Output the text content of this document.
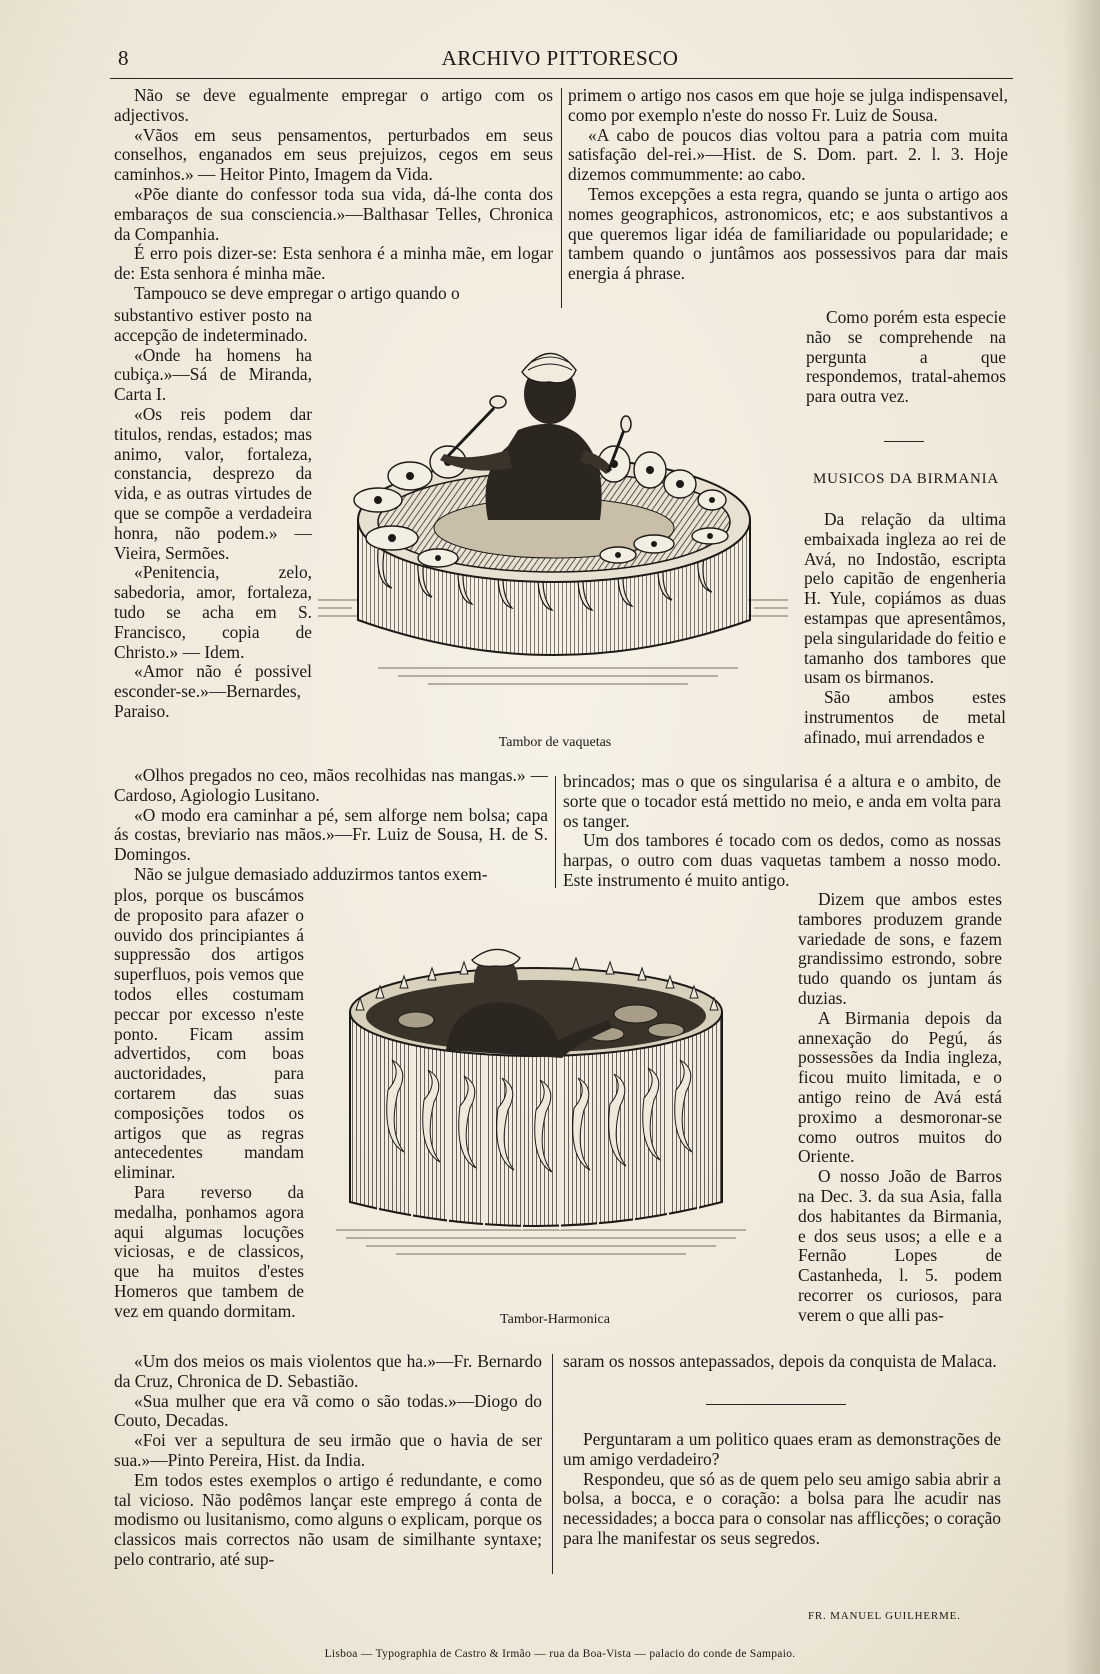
8	ARCHIVO PITTORESCO

Não se deve egualmente empregar o artigo com os adjectivos.

«Vãos em seus pensamentos, perturbados em seus conselhos, enganados em seus prejuizos, cegos em seus caminhos.» — Heitor Pinto, Imagem da Vida.

«Põe diante do confessor toda sua vida, dá-lhe conta dos embaraços de sua consciencia.»—Balthasar Telles, Chronica da Companhia.

É erro pois dizer-se: Esta senhora é a minha mãe, em logar de: Esta senhora é minha mãe.

Tampouco se deve empregar o artigo quando o

substantivo estiver posto na accepção de indeterminado.

«Onde ha homens ha cubiça.»—Sá de Miranda, Carta I.

«Os reis podem dar titulos, rendas, estados; mas animo, valor, fortaleza, constancia, desprezo da vida, e as outras virtudes de que se compõe a verdadeira honra, não podem.» — Vieira, Sermões.

«Penitencia, zelo, sabedoria, amor, fortaleza, tudo se acha em S. Francisco, copia de Christo.» — Idem.

«Amor não é possivel esconder-se.»—Bernardes, Paraiso.

«Olhos pregados no ceo, mãos recolhidas nas mangas.» — Cardoso, Agiologio Lusitano.

«O modo era caminhar a pé, sem alforge nem bolsa; capa ás costas, breviario nas mãos.»—Fr. Luiz de Sousa, H. de S. Domingos.

Não se julgue demasiado adduzirmos tantos exem-

plos, porque os buscámos de proposito para afazer o ouvido dos principiantes á suppressão dos artigos superfluos, pois vemos que todos elles costumam peccar por excesso n'este ponto. Ficam assim advertidos, com boas auctoridades, para cortarem das suas composições todos os artigos que as regras antecedentes mandam eliminar.

Para reverso da medalha, ponhamos agora aqui algumas locuções viciosas, e de classicos, que ha muitos d'estes Homeros que tambem de vez em quando dormitam.

«Um dos meios os mais violentos que ha.»—Fr. Bernardo da Cruz, Chronica de D. Sebastião.

«Sua mulher que era vã como o são todas.»—Diogo do Couto, Decadas.

«Foi ver a sepultura de seu irmão que o havia de ser sua.»—Pinto Pereira, Hist. da India.

Em todos estes exemplos o artigo é redundante, e como tal vicioso. Não podêmos lançar este emprego á conta de modismo ou lusitanismo, como alguns o explicam, porque os classicos mais correctos não usam de similhante syntaxe; pelo contrario, até sup-

primem o artigo nos casos em que hoje se julga indispensavel, como por exemplo n'este do nosso Fr. Luiz de Sousa.

«A cabo de poucos dias voltou para a patria com muita satisfação del-rei.»—Hist. de S. Dom. part. 2. l. 3. Hoje dizemos commummente: ao cabo.

Temos excepções a esta regra, quando se junta o artigo aos nomes geographicos, astronomicos, etc; e aos substantivos a que queremos ligar idéa de familiaridade ou popularidade; e tambem quando o juntâmos aos possessivos para dar mais energia á phrase.

Como porém esta especie não se comprehende na pergunta a que respondemos, tratal-ahemos para outra vez.

MUSICOS DA BIRMANIA

Da relação da ultima embaixada ingleza ao rei de Avá, no Indostão, escripta pelo capitão de engenheria H. Yule, copiámos as duas estampas que apresentâmos, pela singularidade do feitio e tamanho dos tambores que usam os birmanos.

São ambos estes instrumentos de metal afinado, mui arrendados e

brincados; mas o que os singularisa é a altura e o ambito, de sorte que o tocador está mettido no meio, e anda em volta para os tanger.

Um dos tambores é tocado com os dedos, como as nossas harpas, o outro com duas vaquetas tambem a nosso modo. Este instrumento é muito antigo.

Dizem que ambos estes tambores produzem grande variedade de sons, e fazem grandissimo estrondo, sobre tudo quando os juntam ás duzias.

A Birmania depois da annexação do Pegú, ás possessões da India ingleza, ficou muito limitada, e o antigo reino de Avá está proximo a desmoronar-se como outros muitos do Oriente.

O nosso João de Barros na Dec. 3. da sua Asia, falla dos habitantes da Birmania, e dos seus usos; a elle e a Fernão Lopes de Castanheda, l. 5. podem recorrer os curiosos, para verem o que alli pas-

saram os nossos antepassados, depois da conquista de Malaca.

Perguntaram a um politico quaes eram as demonstrações de um amigo verdadeiro?

Respondeu, que só as de quem pelo seu amigo sabia abrir a bolsa, a bocca, e o coração: a bolsa para lhe acudir nas necessidades; a bocca para o consolar nas afflicções; o coração para lhe manifestar os seus segredos.

FR. MANUEL GUILHERME.
Tambor de vaquetas
Tambor-Harmonica
Lisboa — Typographia de Castro & Irmão — rua da Boa-Vista — palacio do conde de Sampaio.
